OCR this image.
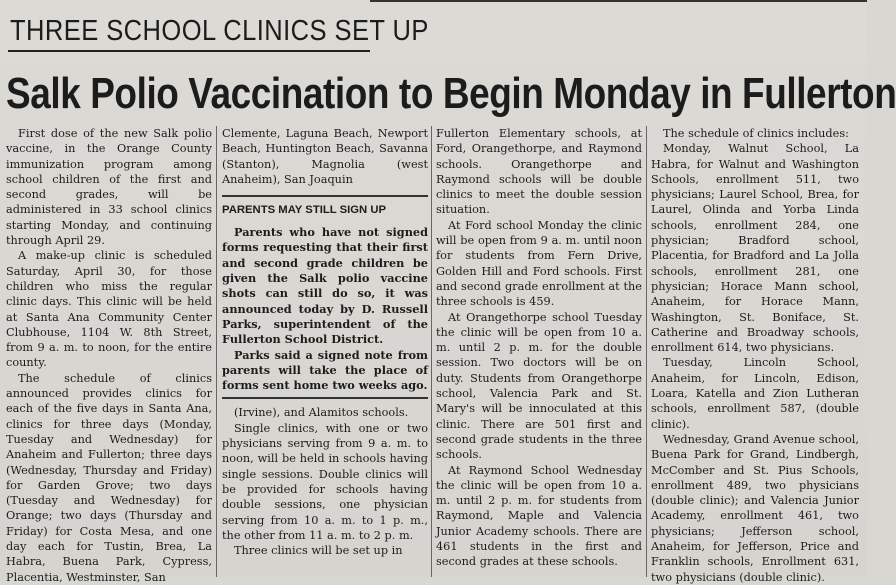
THREE SCHOOL CLINICS SET UP
Salk Polio Vaccination to Begin Monday in Fullerton

First dose of the new Salk polio vaccine, in the Orange County immunization program among school children of the first and second grades, will be administered in 33 school clinics starting Monday, and continuing through April 29.

A make-up clinic is scheduled Saturday, April 30, for those children who miss the regular clinic days. This clinic will be held at Santa Ana Community Center Clubhouse, 1104 W. 8th Street, from 9 a. m. to noon, for the entire county.

The schedule of clinics announced provides clinics for each of the five days in Santa Ana, clinics for three days (Monday, Tuesday and Wednesday) for Anaheim and Fullerton; three days (Wednesday, Thursday and Friday) for Garden Grove; two days (Tuesday and Wednesday) for Orange; two days (Thursday and Friday) for Costa Mesa, and one day each for Tustin, Brea, La Habra, Buena Park, Cypress, Placentia, Westminster, San

Clemente, Laguna Beach, Newport Beach, Huntington Beach, Savanna (Stanton), Magnolia (west Anaheim), San Joaquin

PARENTS MAY STILL SIGN UP

Parents who have not signed forms requesting that their first and second grade children be given the Salk polio vaccine shots can still do so, it was announced today by D. Russell Parks, superintendent of the Fullerton School District.

Parks said a signed note from parents will take the place of forms sent home two weeks ago.

(Irvine), and Alamitos schools.

Single clinics, with one or two physicians serving from 9 a. m. to noon, will be held in schools having single sessions. Double clinics will be provided for schools having double sessions, one physician serving from 10 a. m. to 1 p. m., the other from 11 a. m. to 2 p. m.

Three clinics will be set up in

Fullerton Elementary schools, at Ford, Orangethorpe, and Raymond schools. Orangethorpe and Raymond schools will be double clinics to meet the double session situation.

At Ford school Monday the clinic will be open from 9 a. m. until noon for students from Fern Drive, Golden Hill and Ford schools. First and second grade enrollment at the three schools is 459.

At Orangethorpe school Tuesday the clinic will be open from 10 a. m. until 2 p. m. for the double session. Two doctors will be on duty. Students from Orangethorpe school, Valencia Park and St. Mary's will be innoculated at this clinic. There are 501 first and second grade students in the three schools.

At Raymond School Wednesday the clinic will be open from 10 a. m. until 2 p. m. for students from Raymond, Maple and Valencia Junior Academy schools. There are 461 students in the first and second grades at these schools.

The schedule of clinics includes:

Monday, Walnut School, La Habra, for Walnut and Washington Schools, enrollment 511, two physicians; Laurel School, Brea, for Laurel, Olinda and Yorba Linda schools, enrollment 284, one physician; Bradford school, Placentia, for Bradford and La Jolla schools, enrollment 281, one physician; Horace Mann school, Anaheim, for Horace Mann, Washington, St. Boniface, St. Catherine and Broadway schools, enrollment 614, two physicians.

Tuesday, Lincoln School, Anaheim, for Lincoln, Edison, Loara, Katella and Zion Lutheran schools, enrollment 587, (double clinic).

Wednesday, Grand Avenue school, Buena Park for Grand, Lindbergh, McComber and St. Pius Schools, enrollment 489, two physicians (double clinic); and Valencia Junior Academy, enrollment 461, two physicians; Jefferson school, Anaheim, for Jefferson, Price and Franklin schools, Enrollment 631, two physicians (double clinic).
